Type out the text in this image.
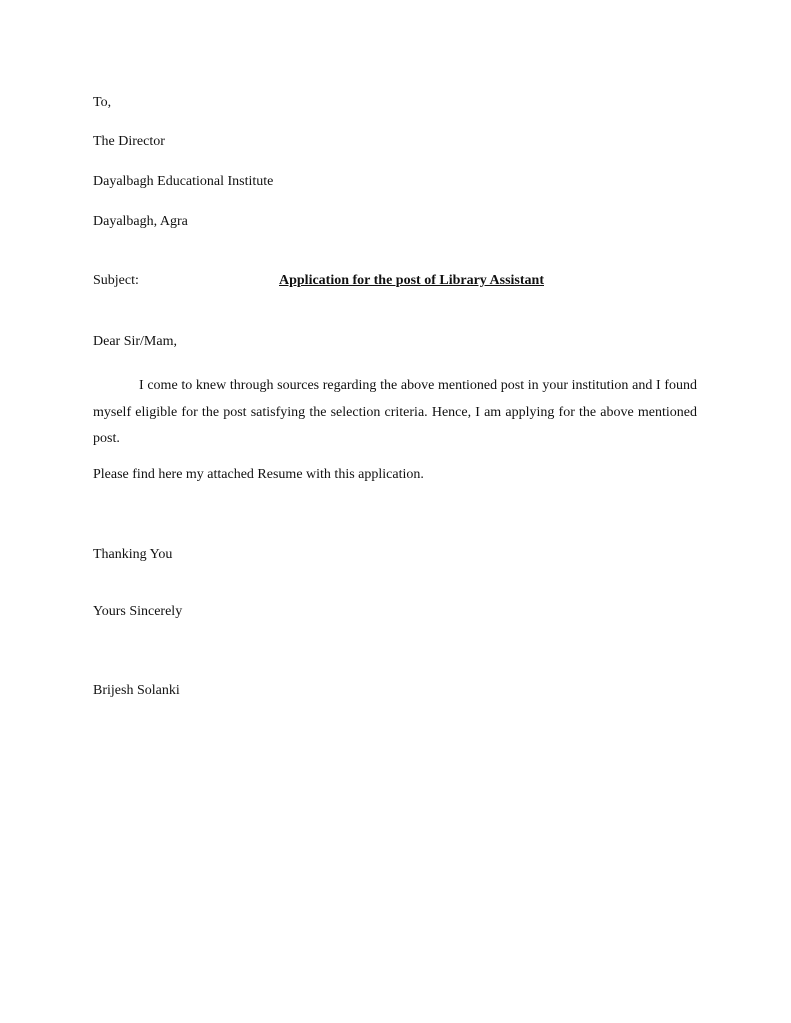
To,
The Director
Dayalbagh Educational Institute
Dayalbagh, Agra
Subject:	Application for the post of Library Assistant
Dear Sir/Mam,
I come to knew through sources regarding the above mentioned post in your institution and I found myself eligible for the post satisfying the selection criteria. Hence, I am applying for the above mentioned post.
Please find here my attached Resume with this application.
Thanking You
Yours Sincerely
Brijesh Solanki
